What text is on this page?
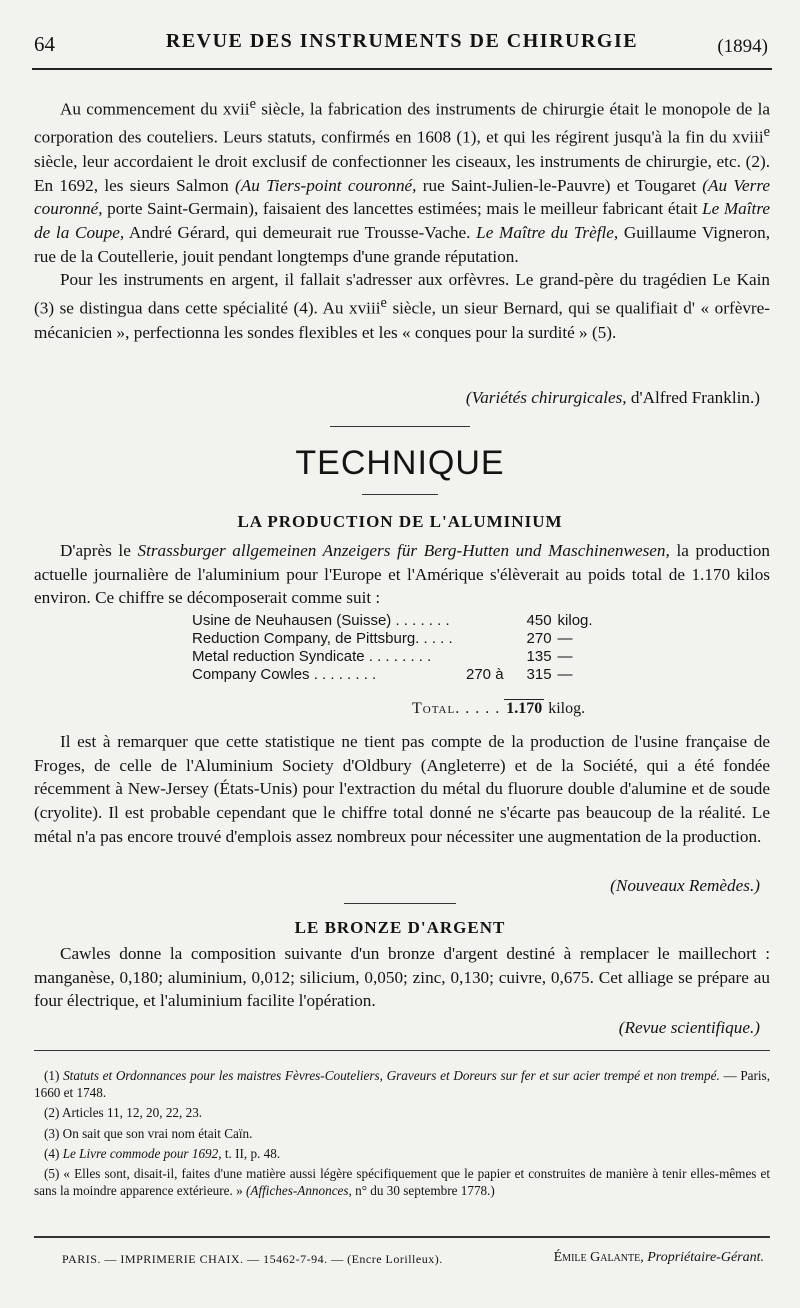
64	REVUE DES INSTRUMENTS DE CHIRURGIE	(1894)

Au commencement du xvii$^e$ siècle, la fabrication des instruments de chirurgie était le monopole de la corporation des couteliers. Leurs statuts, confirmés en 1608 (1), et qui les régirent jusqu'à la fin du xviii$^e$ siècle, leur accordaient le droit exclusif de confectionner les ciseaux, les instruments de chirurgie, etc. (2). En 1692, les sieurs Salmon (Au Tiers-point couronné, rue Saint-Julien-le-Pauvre) et Tougaret (Au Verre couronné, porte Saint-Germain), faisaient des lancettes estimées; mais le meilleur fabricant était Le Maître de la Coupe, André Gérard, qui demeurait rue Trousse-Vache. Le Maître du Trèfle, Guillaume Vigneron, rue de la Coutellerie, jouit pendant longtemps d'une grande réputation.

Pour les instruments en argent, il fallait s'adresser aux orfèvres. Le grand-père du tragédien Le Kain (3) se distingua dans cette spécialité (4). Au xviii$^e$ siècle, un sieur Bernard, qui se qualifiait d' « orfèvre-mécanicien », perfectionna les sondes flexibles et les « conques pour la surdité » (5).

(Variétés chirurgicales, d'Alfred Franklin.)
TECHNIQUE
LA PRODUCTION DE L'ALUMINIUM

D'après le Strassburger allgemeinen Anzeigers für Berg-Hutten und Maschinenwesen, la production actuelle journalière de l'aluminium pour l'Europe et l'Amérique s'élèverait au poids total de 1.170 kilos environ. Ce chiffre se décomposerait comme suit :

Usine de Neuhausen (Suisse) . . . . . . .		450	kilog.
Reduction Company, de Pittsburg. . . . .		270	—
Metal reduction Syndicate . . . . . . . .		135	—
Company Cowles . . . . . . . .	270 à	315	—
Total. . . . . 1.170 kilog.

Il est à remarquer que cette statistique ne tient pas compte de la production de l'usine française de Froges, de celle de l'Aluminium Society d'Oldbury (Angleterre) et de la Société, qui a été fondée récemment à New-Jersey (États-Unis) pour l'extraction du métal du fluorure double d'alumine et de soude (cryolite). Il est probable cependant que le chiffre total donné ne s'écarte pas beaucoup de la réalité. Le métal n'a pas encore trouvé d'emplois assez nombreux pour nécessiter une augmentation de la production.

(Nouveaux Remèdes.)
LE BRONZE D'ARGENT

Cawles donne la composition suivante d'un bronze d'argent destiné à remplacer le maillechort : manganèse, 0,180; aluminium, 0,012; silicium, 0,050; zinc, 0,130; cuivre, 0,675. Cet alliage se prépare au four électrique, et l'aluminium facilite l'opération.

(Revue scientifique.)

(1) Statuts et Ordonnances pour les maistres Fèvres-Couteliers, Graveurs et Doreurs sur fer et sur acier trempé et non trempé. — Paris, 1660 et 1748.

(2) Articles 11, 12, 20, 22, 23.

(3) On sait que son vrai nom était Caïn.

(4) Le Livre commode pour 1692, t. II, p. 48.

(5) « Elles sont, disait-il, faites d'une matière aussi légère spécifiquement que le papier et construites de manière à tenir elles-mêmes et sans la moindre apparence extérieure. » (Affiches-Annonces, n° du 30 septembre 1778.)

PARIS. — IMPRIMERIE CHAIX. — 15462-7-94. — (Encre Lorilleux).	Émile Galante, Propriétaire-Gérant.
